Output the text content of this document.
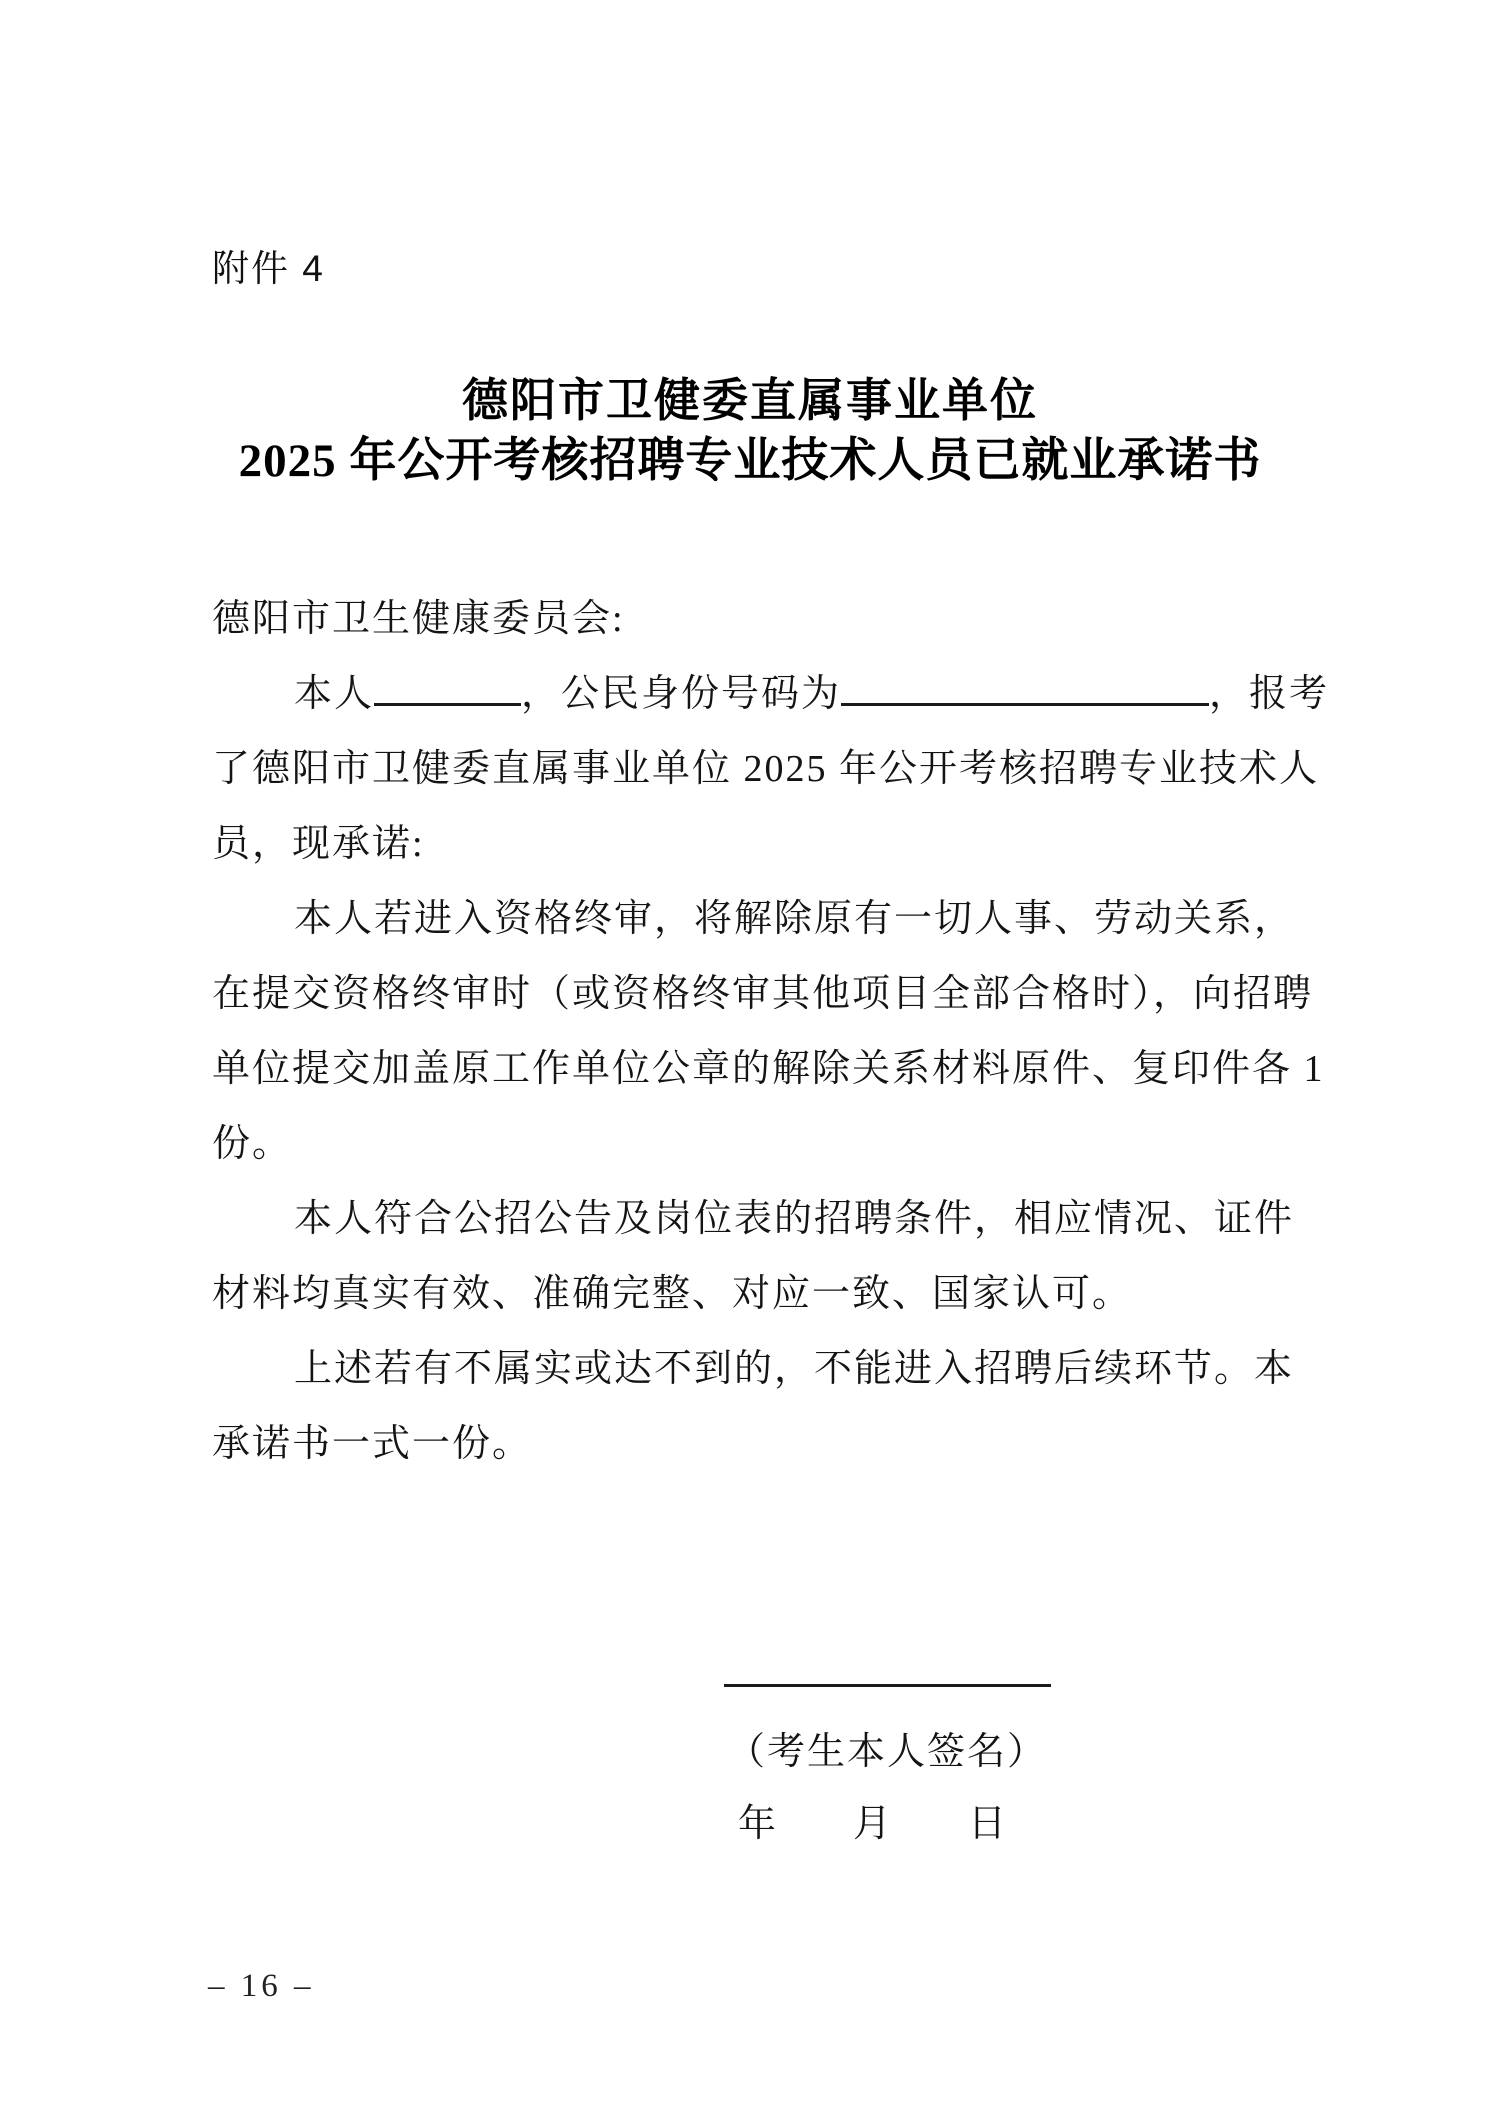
附件 4
德阳市卫健委直属事业单位
2025 年公开考核招聘专业技术人员已就业承诺书
德阳市卫生健康委员会:
本人	，公民身份号码为	，报考
了德阳市卫健委直属事业单位 2025 年公开考核招聘专业技术人
员，现承诺:
本人若进入资格终审，将解除原有一切人事、劳动关系，
在提交资格终审时（或资格终审其他项目全部合格时），向招聘
单位提交加盖原工作单位公章的解除关系材料原件、复印件各 1
份。
本人符合公招公告及岗位表的招聘条件，相应情况、证件
材料均真实有效、准确完整、对应一致、国家认可。
上述若有不属实或达不到的，不能进入招聘后续环节。本
承诺书一式一份。
（考生本人签名）
年 月 日
– 16 –
